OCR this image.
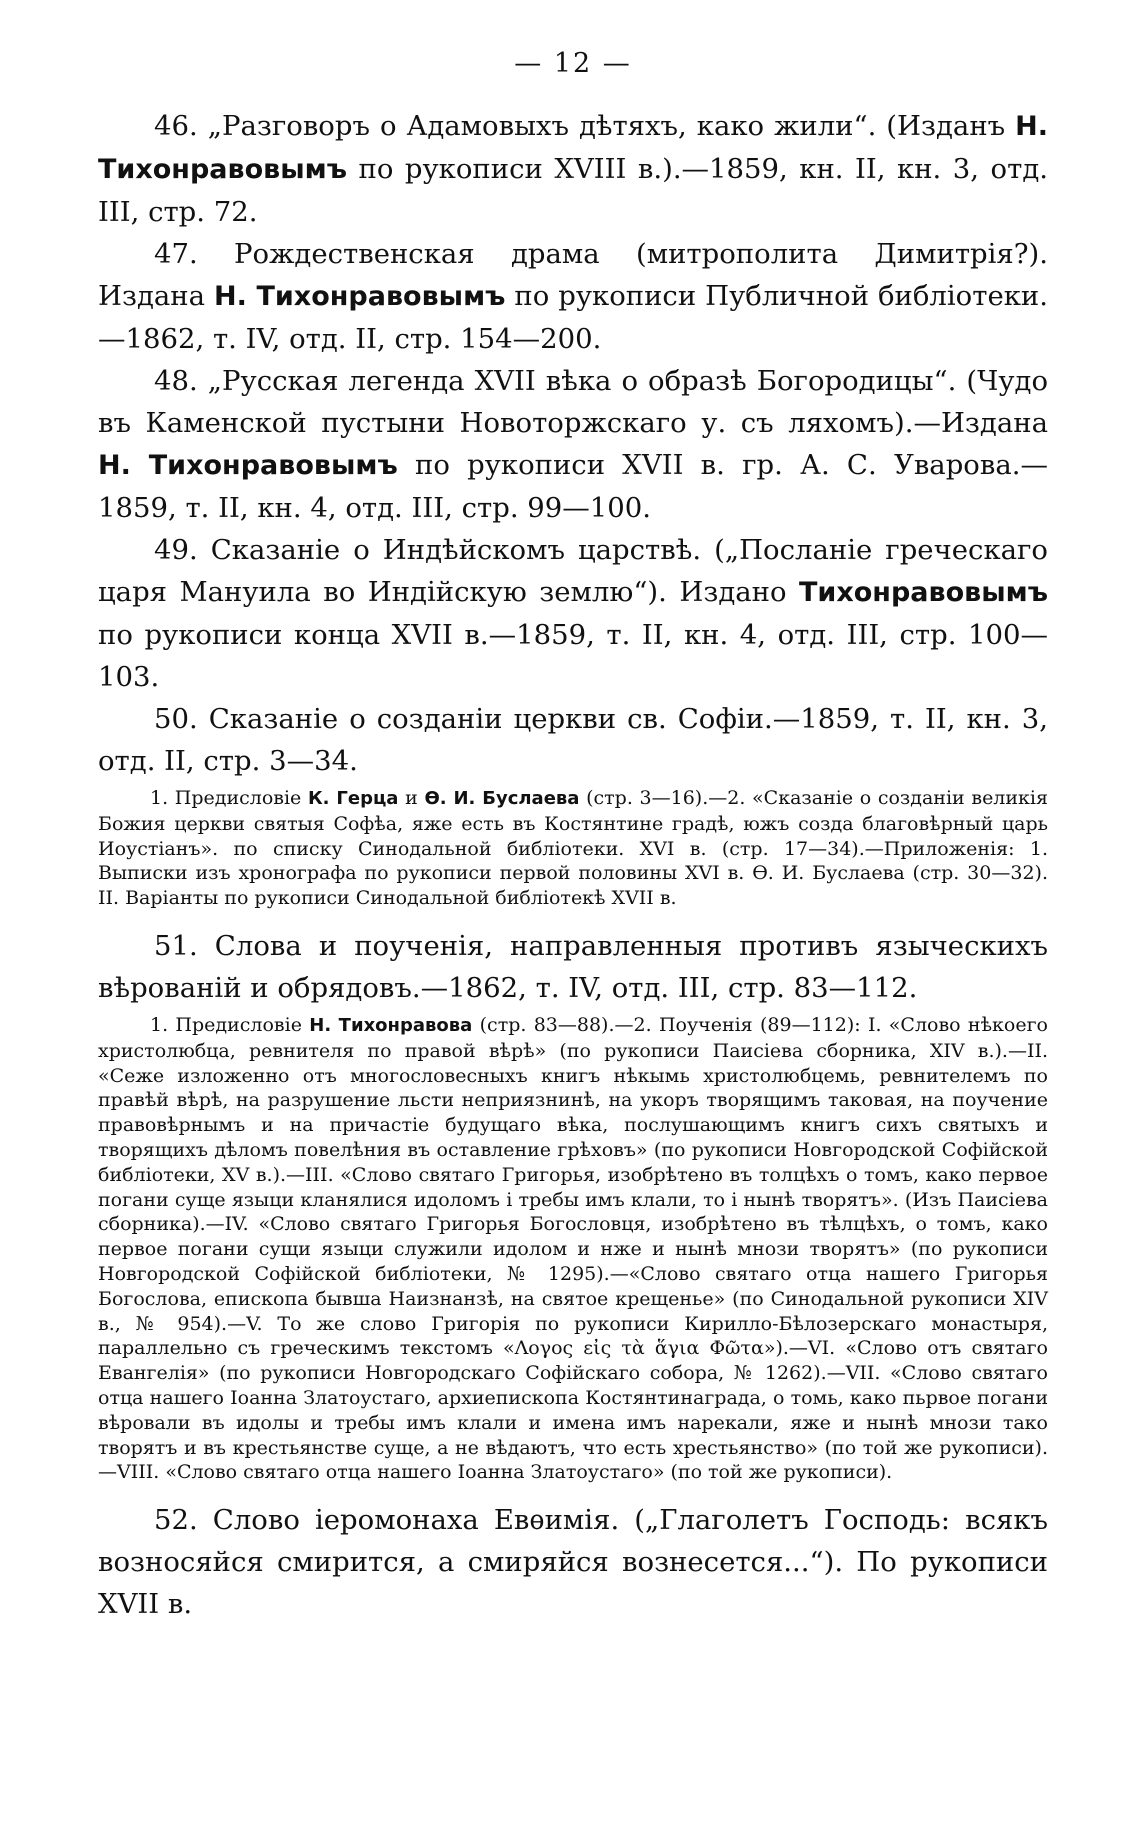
— 12 —

46. „Разговоръ о Адамовыхъ дѣтяхъ, како жили“. (Изданъ Н. Тихонравовымъ по рукописи XVIII в.).—1859, кн. II, кн. 3, отд. III, стр. 72.

47. Рождественская драма (митрополита Димитрія?). Издана Н. Тихонравовымъ по рукописи Публичной библіотеки.—1862, т. IV, отд. II, стр. 154—200.

48. „Русская легенда XVII вѣка о образѣ Богородицы“. (Чудо въ Каменской пустыни Новоторжскаго у. съ ляхомъ).—Издана Н. Тихонравовымъ по рукописи XVII в. гр. А. С. Уварова.—1859, т. II, кн. 4, отд. III, стр. 99—100.

49. Сказаніе о Индѣйскомъ царствѣ. („Посланіе греческаго царя Мануила во Индійскую землю“). Издано Тихонравовымъ по рукописи конца XVII в.—1859, т. II, кн. 4, отд. III, стр. 100—103.

50. Сказаніе о созданіи церкви св. Софіи.—1859, т. II, кн. 3, отд. II, стр. 3—34.

1. Предисловіе К. Герца и Ѳ. И. Буслаева (стр. 3—16).—2. «Сказаніе о созданіи великія Божия церкви святыя Софѣа, яже есть въ Костянтине градѣ, южъ созда благовѣрный царь Иоустіанъ». по списку Синодальной библіотеки. XVI в. (стр. 17—34).—Приложенія: 1. Выписки изъ хронографа по рукописи первой половины XVI в. Ѳ. И. Буслаева (стр. 30—32). II. Варіанты по рукописи Синодальной библіотекѣ XVII в.

51. Слова и поученія, направленныя противъ языческихъ вѣрованій и обрядовъ.—1862, т. IV, отд. III, стр. 83—112.

1. Предисловіе Н. Тихонравова (стр. 83—88).—2. Поученія (89—112): I. «Слово нѣкоего христолюбца, ревнителя по правой вѣрѣ» (по рукописи Паисіева сборника, XIV в.).—II. «Сеже изложенно отъ многословесныхъ книгъ нѣкымь христолюбцемь, ревнителемъ по правѣй вѣрѣ, на разрушение льсти неприязнинѣ, на укоръ творящимъ таковая, на поучение правовѣрнымъ и на причастіе будущаго вѣка, послушающимъ книгъ сихъ святыхъ и творящихъ дѣломъ повелѣния въ оставление грѣховъ» (по рукописи Новгородской Софійской библіотеки, XV в.).—III. «Слово святаго Григорья, изобрѣтено въ толцѣхъ о томъ, како первое погани суще языци кланялися идоломъ і требы имъ клали, то і нынѣ творятъ». (Изъ Паисіева сборника).—IV. «Слово святаго Григорья Богословця, изобрѣтено въ тѣлцѣхъ, о томъ, како первое погани сущи языци служили идолом и нже и нынѣ мнози творятъ» (по рукописи Новгородской Софійской библіотеки, № 1295).—«Слово святаго отца нашего Григорья Богослова, епископа бывша Наизнанзѣ, на святое крещенье» (по Синодальной рукописи XIV в., № 954).—V. То же слово Григорія по рукописи Кирилло-Бѣлозерскаго монастыря, параллельно съ греческимъ текстомъ «Λογος εἰς τὰ ἅγια Φῶτα»).—VI. «Слово отъ святаго Евангелія» (по рукописи Новгородскаго Софійскаго собора, № 1262).—VII. «Слово святаго отца нашего Іоанна Златоустаго, архиепископа Костянтинаграда, о томь, како пьрвое погани вѣровали въ идолы и требы имъ клали и имена имъ нарекали, яже и нынѣ мнози тако творятъ и въ крестьянстве суще, а не вѣдаютъ, что есть хрестьянство» (по той же рукописи).—VIII. «Слово святаго отца нашего Іоанна Златоустаго» (по той же рукописи).

52. Слово іеромонаха Евѳимія. („Глаголетъ Господь: всякъ возносяйся смирится, а смиряйся вознесется...“). По рукописи XVII в.
